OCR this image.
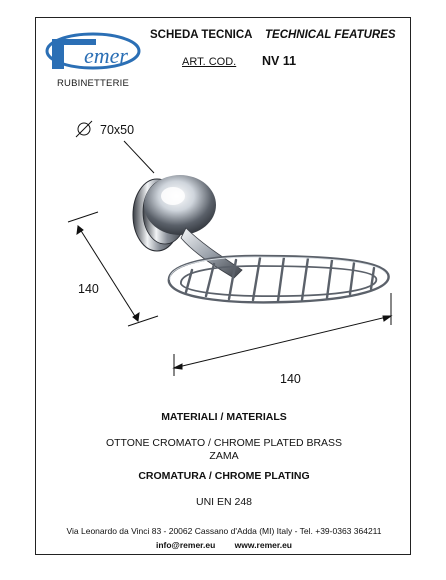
emer
RUBINETTERIE
SCHEDA TECNICA TECHNICAL FEATURES
ART. COD. NV 11
70x50
140
140
MATERIALI / MATERIALS
OTTONE CROMATO / CHROME PLATED BRASS
ZAMA
CROMATURA / CHROME PLATING
UNI EN 248
Via Leonardo da Vinci 83 - 20062 Cassano d'Adda (MI) Italy - Tel. +39-0363 364211
info@remer.eu www.remer.eu
